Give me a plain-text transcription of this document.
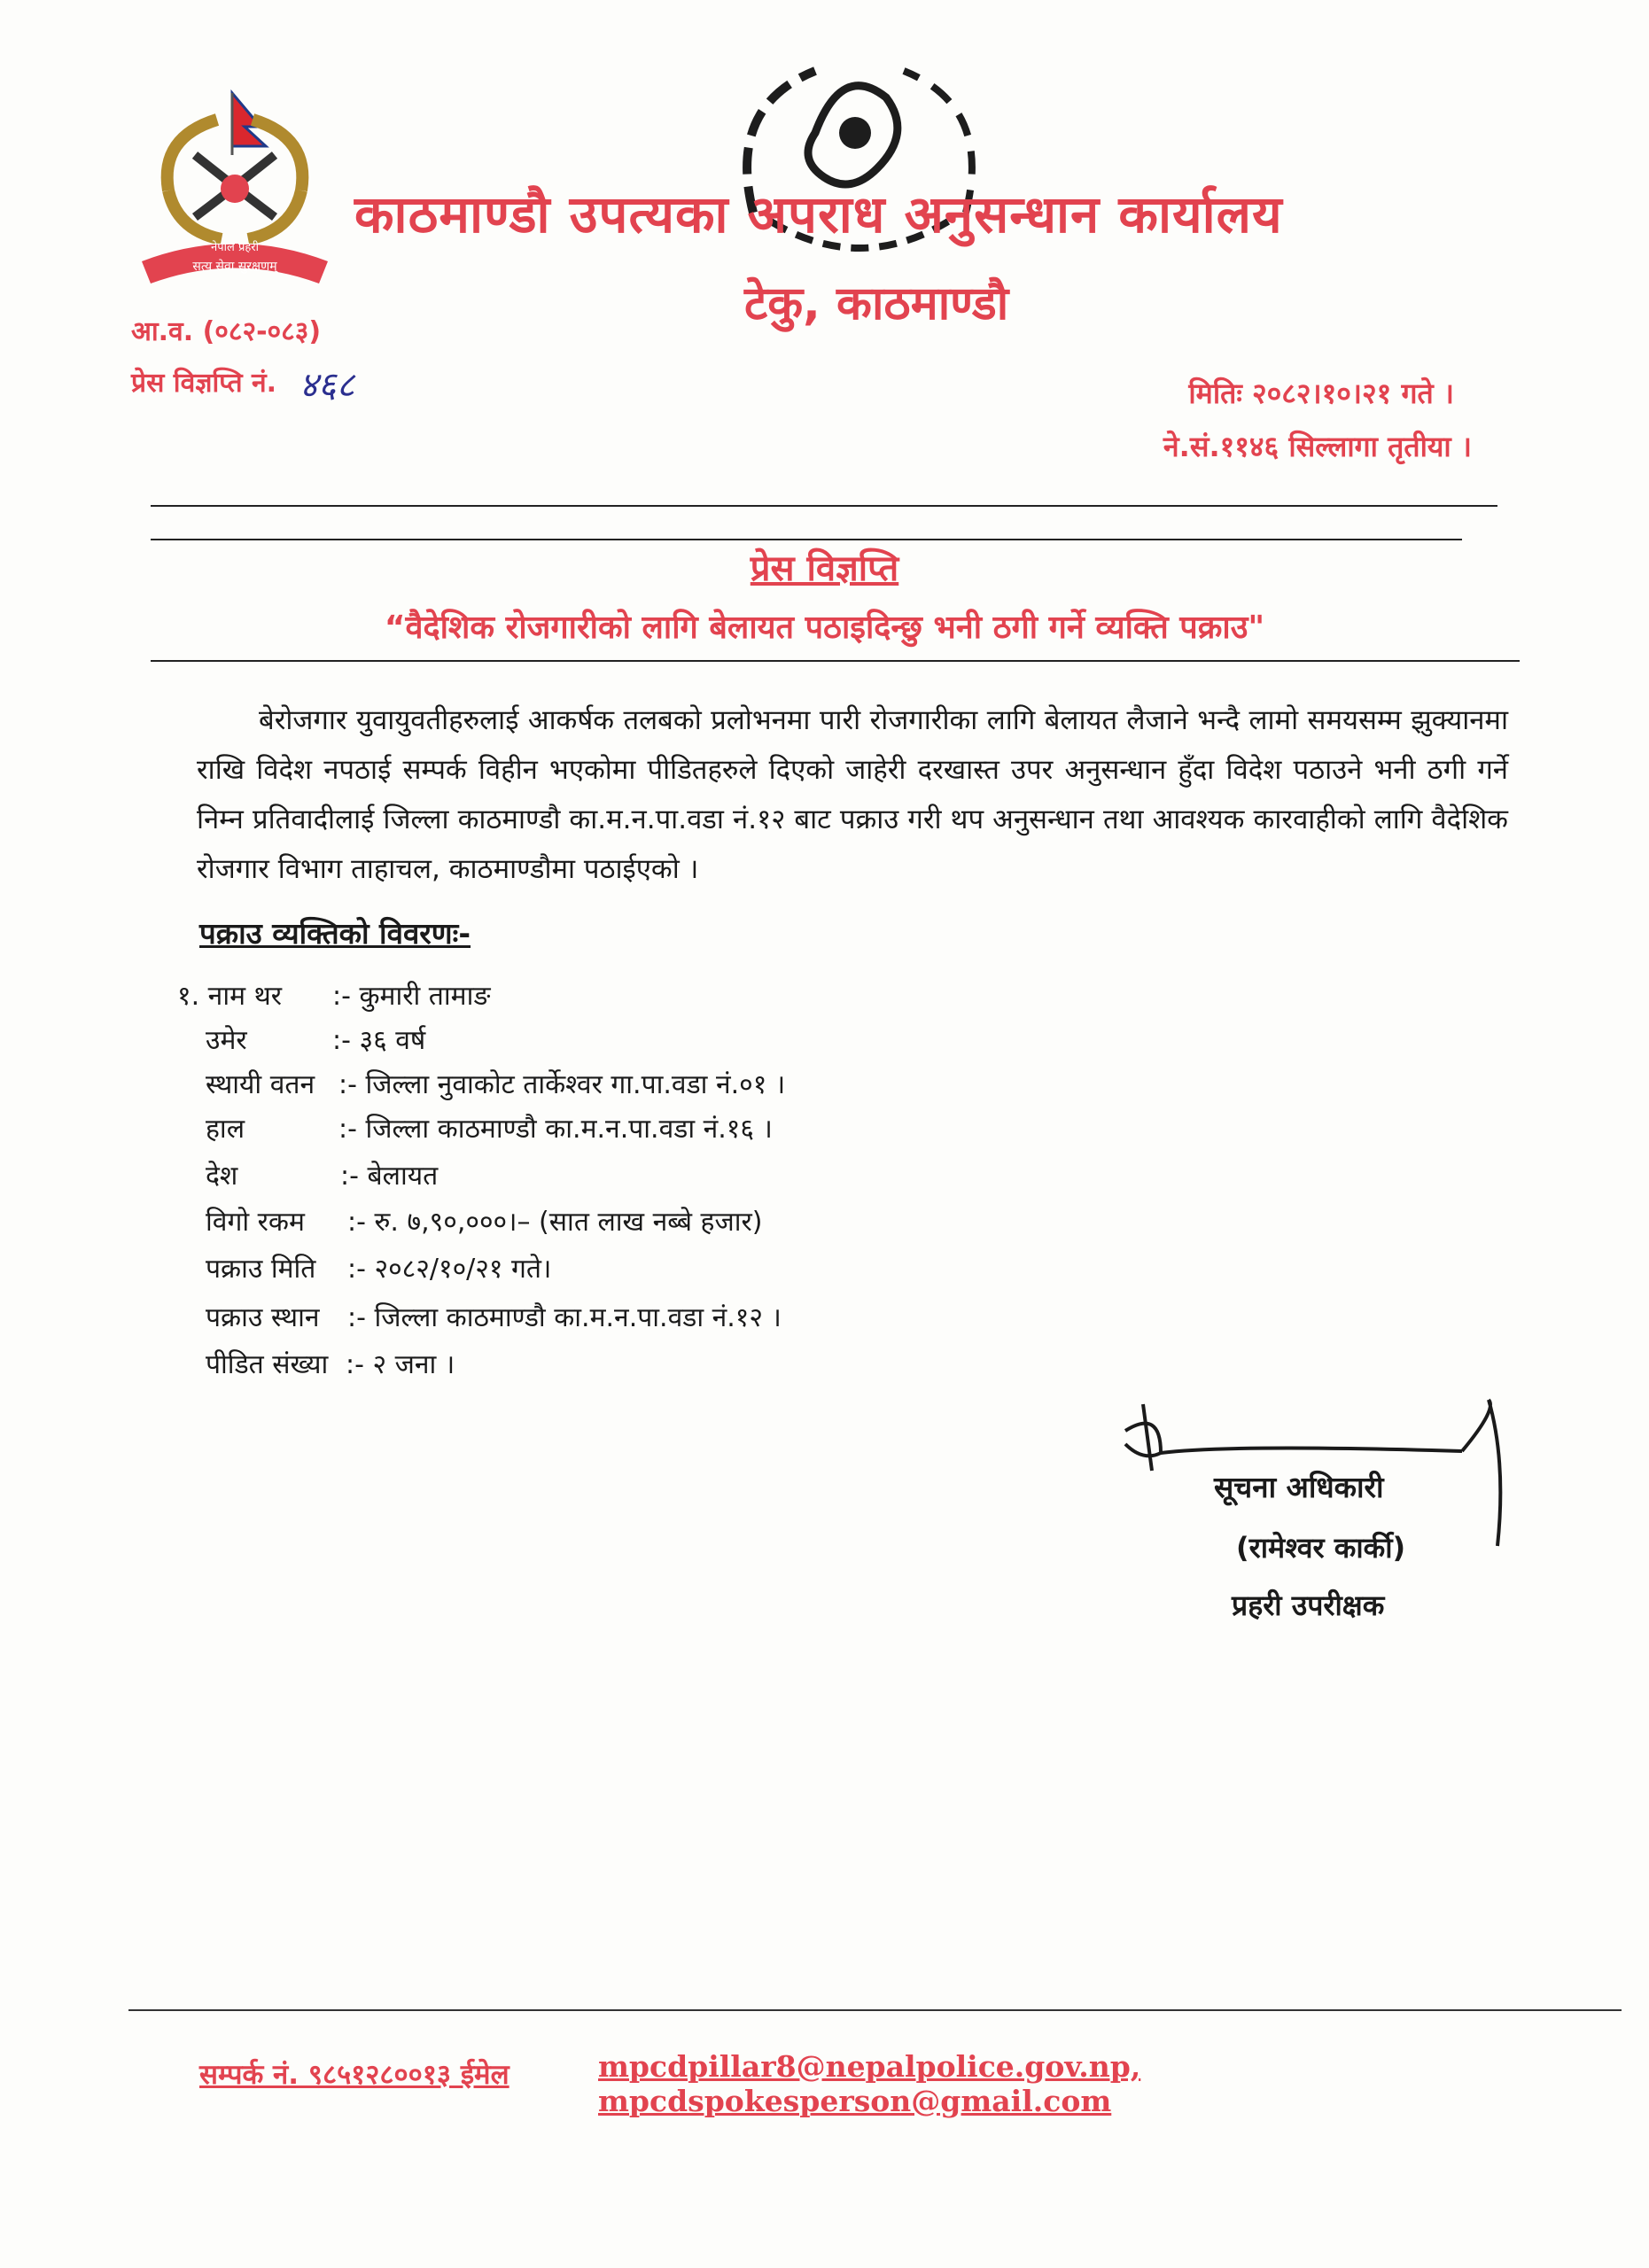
सत्य सेवा सुरक्षणम्
नेपाल प्रहरी
काठमाण्डौ उपत्यका अपराध अनुसन्धान कार्यालय
टेकु, काठमाण्डौ
आ.व. (०८२-०८३)
प्रेस विज्ञप्ति नं. ४६८	मितिः २०८२।१०।२१ गते ।
ने.सं.११४६ सिल्लागा तृतीया ।
प्रेस विज्ञप्ति
“वैदेशिक रोजगारीको लागि बेलायत पठाइदिन्छु भनी ठगी गर्ने व्यक्ति पक्राउ"
बेरोजगार युवायुवतीहरुलाई आकर्षक तलबको प्रलोभनमा पारी रोजगारीका लागि बेलायत लैजाने भन्दै लामो समयसम्म झुक्यानमा राखि विदेश नपठाई सम्पर्क विहीन भएकोमा पीडितहरुले दिएको जाहेरी दरखास्त उपर अनुसन्धान हुँदा विदेश पठाउने भनी ठगी गर्ने निम्न प्रतिवादीलाई जिल्ला काठमाण्डौ का.म.न.पा.वडा नं.१२ बाट पक्राउ गरी थप अनुसन्धान तथा आवश्यक कारवाहीको लागि वैदेशिक रोजगार विभाग ताहाचल, काठमाण्डौमा पठाईएको ।
पक्राउ व्यक्तिको विवरणः-
१. नाम थर :- कुमारी तामाङ
उमेर	:- ३६ वर्ष
स्थायी वतन :- जिल्ला नुवाकोट तार्केश्वर गा.पा.वडा नं.०१ ।
हाल	:- जिल्ला काठमाण्डौ का.म.न.पा.वडा नं.१६ ।
देश	:- बेलायत
विगो रकम :- रु. ७,९०,०००।– (सात लाख नब्बे हजार)
पक्राउ मिति :- २०८२/१०/२१ गते।
पक्राउ स्थान :- जिल्ला काठमाण्डौ का.म.न.पा.वडा नं.१२ ।
पीडित संख्या :- २ जना ।
सूचना अधिकारी
(रामेश्वर कार्की)
प्रहरी उपरीक्षक
सम्पर्क नं. ९८५१२८००१३ ईमेल	mpcdpillar8@nepalpolice.gov.np, mpcdspokesperson@gmail.com
